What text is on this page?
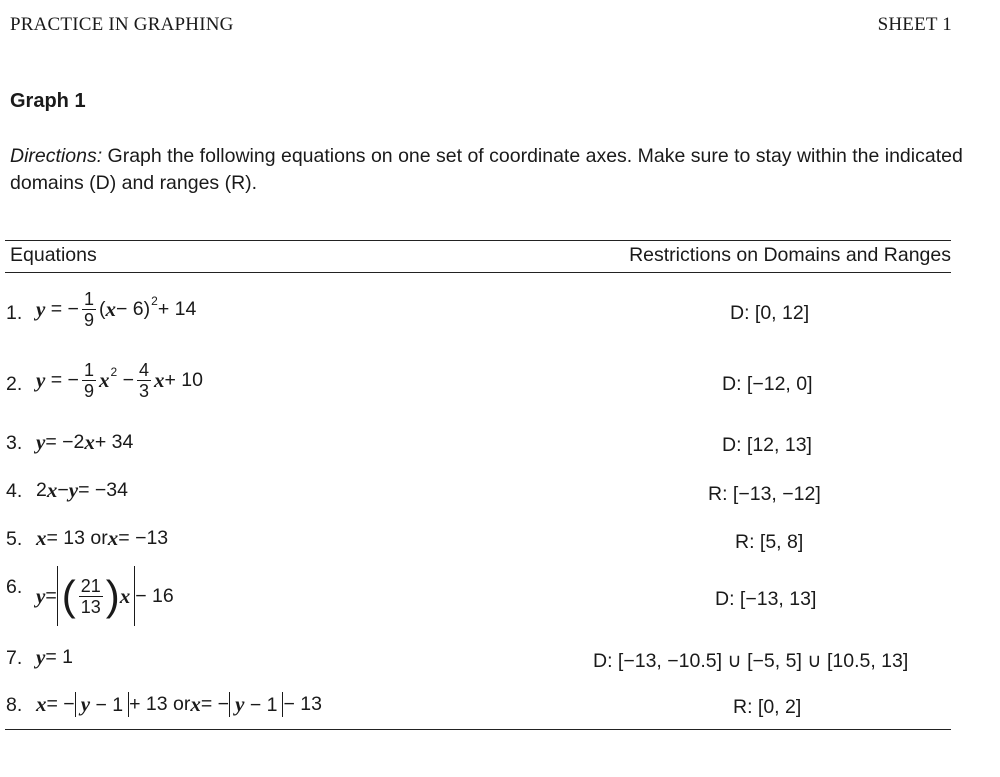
PRACTICE IN GRAPHING	SHEET 1
Graph 1
Directions: Graph the following equations on one set of coordinate axes. Make sure to stay within the indicated domains (D) and ranges (R).
Equations	Restrictions on Domains and Ranges
1. y
= − $\frac{1}{9}$ ( x − 6) 2 + 14	D: [0, 12]
2. y
= − $\frac{1}{9}$ x 2
− $\frac{4}{3}$ x + 10	D: [−12, 0]
3. y = −2 x + 34	D: [12, 13]
4. 2 x − y = −34	R: [−13, −12]
5. x = 13 or x = −13	R: [5, 8]
6. y = ( $\frac{21}{13}$ ) x − 16	D: [−13, 13]
7. y = 1	D: [−13, −10.5] ∪ [−5, 5] ∪ [10.5, 13]
8. x = − y − 1 + 13 or x = − y − 1 − 13	R: [0, 2]
